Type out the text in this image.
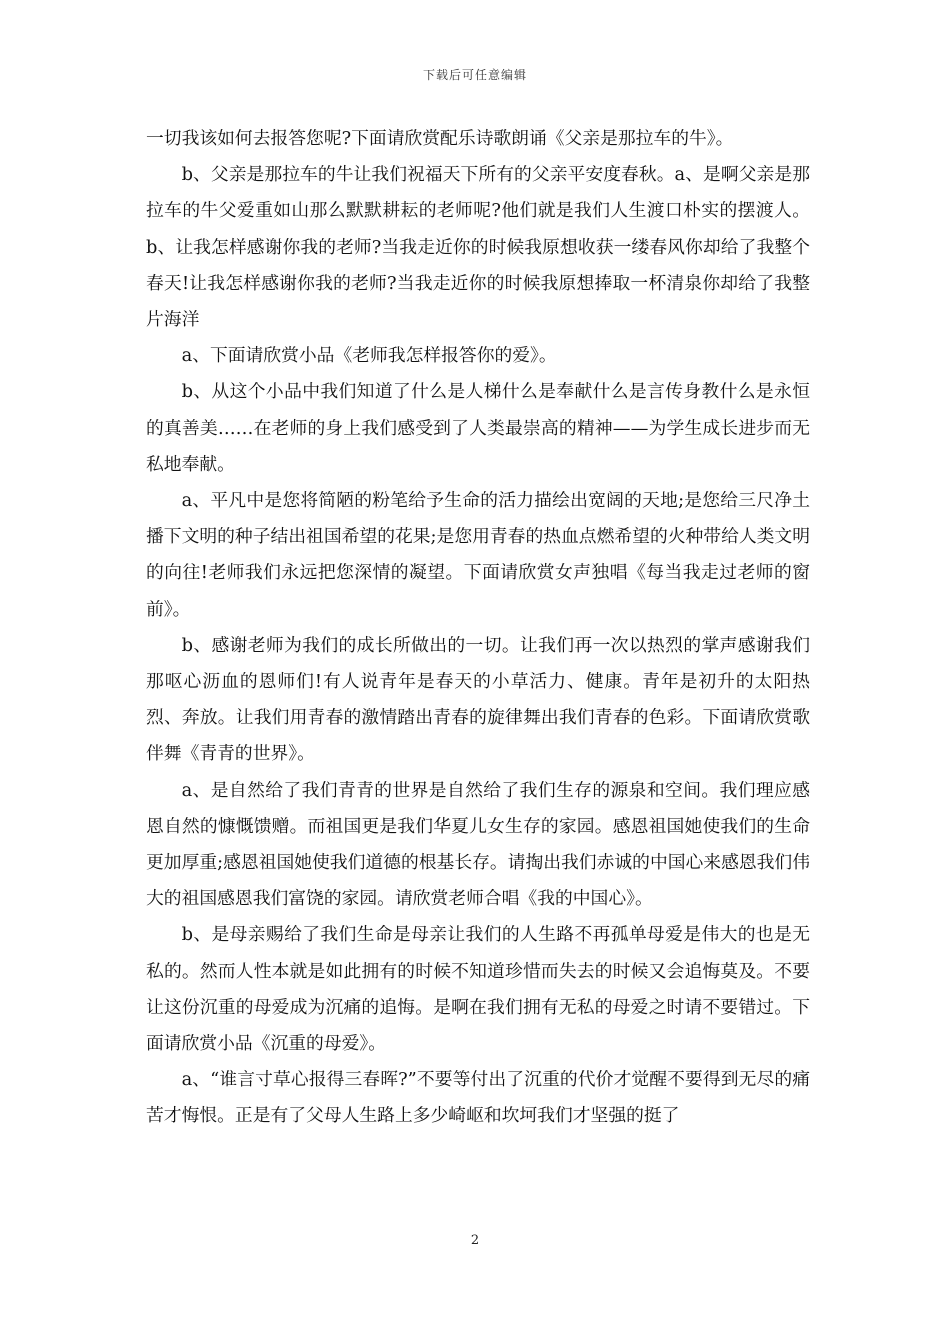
下载后可任意编辑

一切我该如何去报答您呢?下面请欣赏配乐诗歌朗诵《父亲是那拉车的牛》。

b、父亲是那拉车的牛让我们祝福天下所有的父亲平安度春秋。a、是啊父亲是那拉车的牛父爱重如山那么默默耕耘的老师呢?他们就是我们人生渡口朴实的摆渡人。b、让我怎样感谢你我的老师?当我走近你的时候我原想收获一缕春风你却给了我整个春天!让我怎样感谢你我的老师?当我走近你的时候我原想捧取一杯清泉你却给了我整片海洋

a、下面请欣赏小品《老师我怎样报答你的爱》。

b、从这个小品中我们知道了什么是人梯什么是奉献什么是言传身教什么是永恒的真善美……在老师的身上我们感受到了人类最崇高的精神——为学生成长进步而无私地奉献。

a、平凡中是您将简陋的粉笔给予生命的活力描绘出宽阔的天地;是您给三尺净土播下文明的种子结出祖国希望的花果;是您用青春的热血点燃希望的火种带给人类文明的向往!老师我们永远把您深情的凝望。下面请欣赏女声独唱《每当我走过老师的窗前》。

b、感谢老师为我们的成长所做出的一切。让我们再一次以热烈的掌声感谢我们那呕心沥血的恩师们!有人说青年是春天的小草活力、健康。青年是初升的太阳热烈、奔放。让我们用青春的激情踏出青春的旋律舞出我们青春的色彩。下面请欣赏歌伴舞《青青的世界》。

a、是自然给了我们青青的世界是自然给了我们生存的源泉和空间。我们理应感恩自然的慷慨馈赠。而祖国更是我们华夏儿女生存的家园。感恩祖国她使我们的生命更加厚重;感恩祖国她使我们道德的根基长存。请掏出我们赤诚的中国心来感恩我们伟大的祖国感恩我们富饶的家园。请欣赏老师合唱《我的中国心》。

b、是母亲赐给了我们生命是母亲让我们的人生路不再孤单母爱是伟大的也是无私的。然而人性本就是如此拥有的时候不知道珍惜而失去的时候又会追悔莫及。不要让这份沉重的母爱成为沉痛的追悔。是啊在我们拥有无私的母爱之时请不要错过。下面请欣赏小品《沉重的母爱》。

a、“谁言寸草心报得三春晖?”不要等付出了沉重的代价才觉醒不要得到无尽的痛苦才悔恨。正是有了父母人生路上多少崎岖和坎坷我们才坚强的挺了

2
